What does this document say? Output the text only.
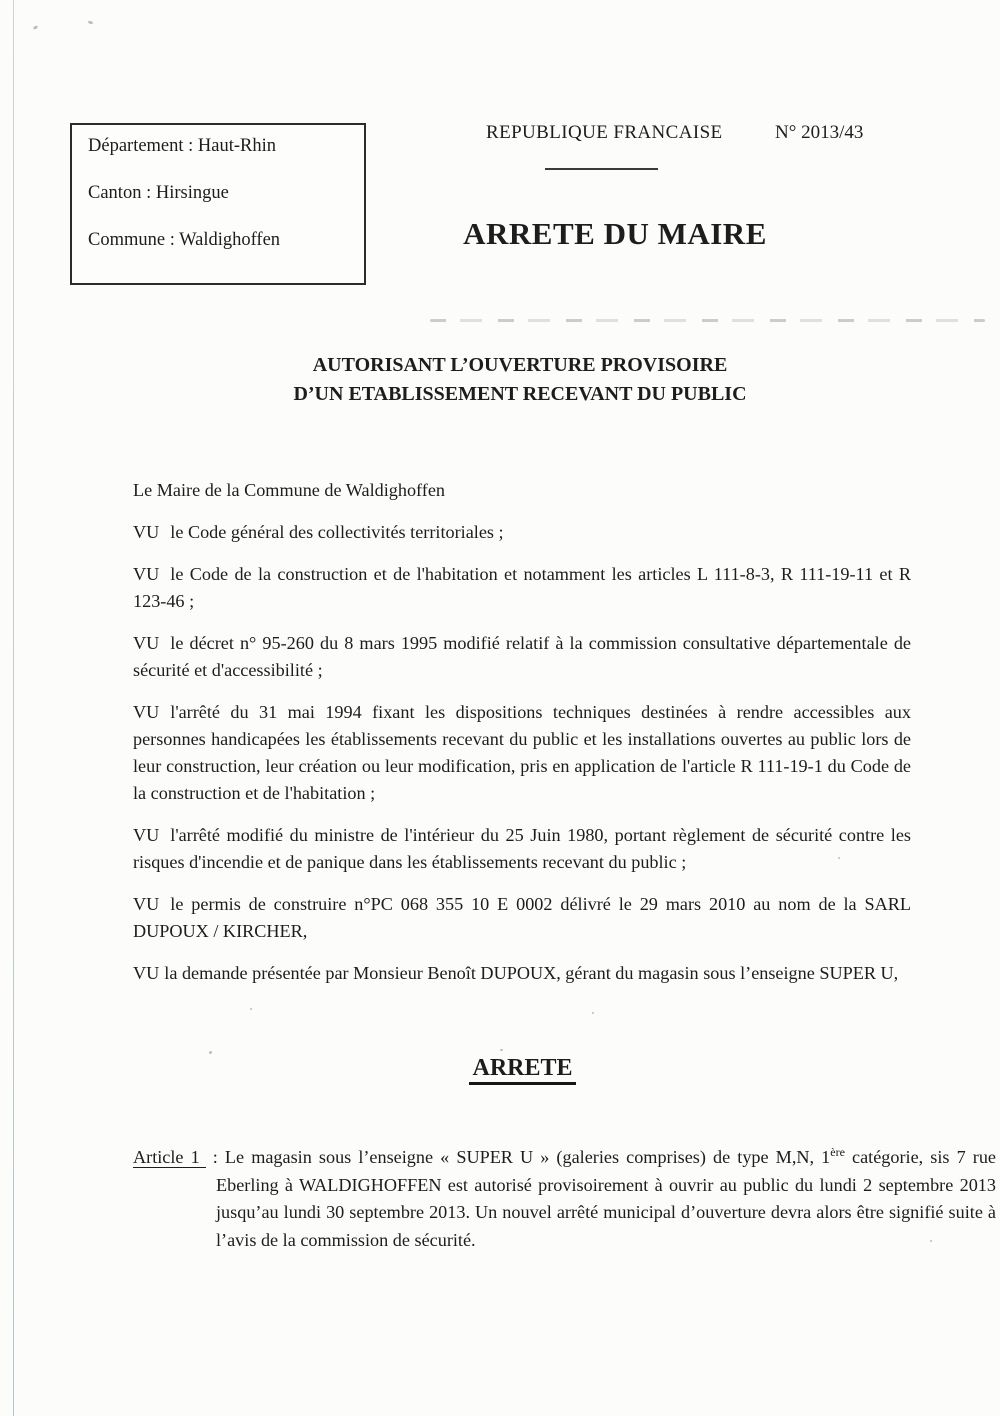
Département : Haut-Rhin
Canton : Hirsingue
Commune : Waldighoffen
REPUBLIQUE FRANCAISE	N° 2013/43
ARRETE DU MAIRE
AUTORISANT L’OUVERTURE PROVISOIRE
D’UN ETABLISSEMENT RECEVANT DU PUBLIC

Le Maire de la Commune de Waldighoffen

VU le Code général des collectivités territoriales ;

VU le Code de la construction et de l'habitation et notamment les articles L 111-8-3, R 111-19-11 et R 123-46 ;

VU le décret n° 95-260 du 8 mars 1995 modifié relatif à la commission consultative départementale de sécurité et d'accessibilité ;

VU l'arrêté du 31 mai 1994 fixant les dispositions techniques destinées à rendre accessibles aux personnes handicapées les établissements recevant du public et les installations ouvertes au public lors de leur construction, leur création ou leur modification, pris en application de l'article R 111-19-1 du Code de la construction et de l'habitation ;

VU l'arrêté modifié du ministre de l'intérieur du 25 Juin 1980, portant règlement de sécurité contre les risques d'incendie et de panique dans les établissements recevant du public ;

VU le permis de construire n°PC 068 355 10 E 0002 délivré le 29 mars 2010 au nom de la SARL DUPOUX / KIRCHER,

VU la demande présentée par Monsieur Benoît DUPOUX, gérant du magasin sous l’enseigne SUPER U,

ARRETE

Article 1 : Le magasin sous l’enseigne « SUPER U » (galeries comprises) de type M,N, 1ère catégorie, sis 7 rue Eberling à WALDIGHOFFEN est autorisé provisoirement à ouvrir au public du lundi 2 septembre 2013 jusqu’au lundi 30 septembre 2013. Un nouvel arrêté municipal d’ouverture devra alors être signifié suite à l’avis de la commission de sécurité.
